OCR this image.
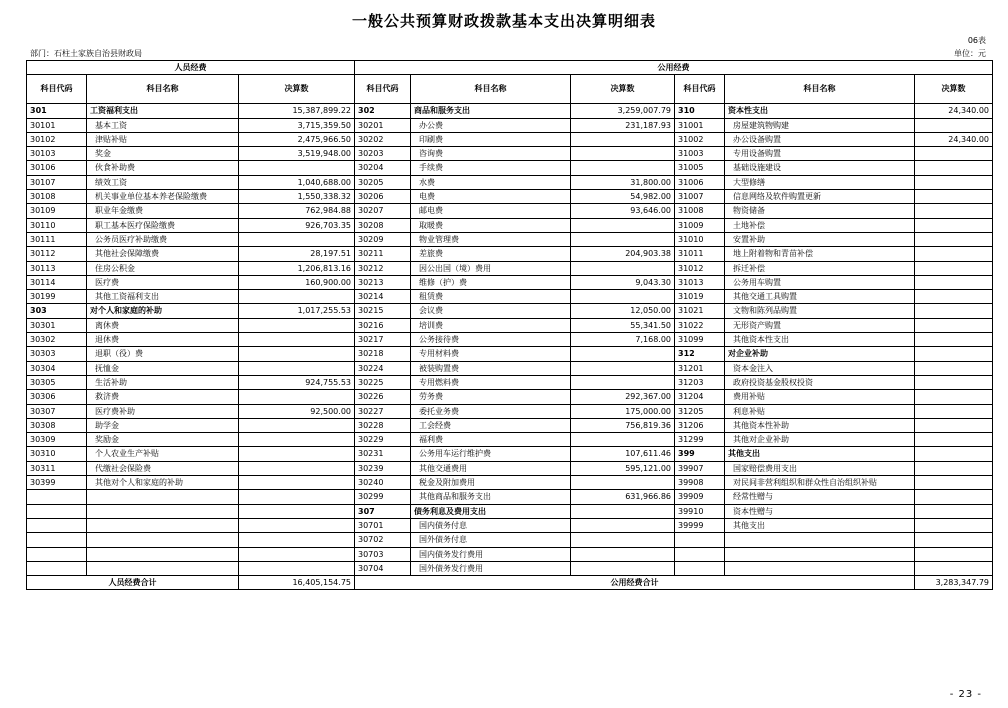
一般公共预算财政拨款基本支出决算明细表
06表
部门：石柱土家族自治县财政局	单位：元
人员经费			公用经费					
科目代码	科目名称	决算数	科目代码	科目名称	决算数	科目代码	科目名称	决算数
301	工资福利支出	15,387,899.22	302	商品和服务支出	3,259,007.79	310	资本性支出	24,340.00
30101	基本工资	3,715,359.50	30201	办公费	231,187.93	31001	房屋建筑物购建	
30102	津贴补贴	2,475,966.50	30202	印刷费		31002	办公设备购置	24,340.00
30103	奖金	3,519,948.00	30203	咨询费		31003	专用设备购置	
30106	伙食补助费		30204	手续费		31005	基础设施建设	
30107	绩效工资	1,040,688.00	30205	水费	31,800.00	31006	大型修缮	
30108	机关事业单位基本养老保险缴费	1,550,338.32	30206	电费	54,982.00	31007	信息网络及软件购置更新	
30109	职业年金缴费	762,984.88	30207	邮电费	93,646.00	31008	物资储备	
30110	职工基本医疗保险缴费	926,703.35	30208	取暖费		31009	土地补偿	
30111	公务员医疗补助缴费		30209	物业管理费		31010	安置补助	
30112	其他社会保障缴费	28,197.51	30211	差旅费	204,903.38	31011	地上附着物和青苗补偿	
30113	住房公积金	1,206,813.16	30212	因公出国（境）费用		31012	拆迁补偿	
30114	医疗费	160,900.00	30213	维修（护）费	9,043.30	31013	公务用车购置	
30199	其他工资福利支出		30214	租赁费		31019	其他交通工具购置	
303	对个人和家庭的补助	1,017,255.53	30215	会议费	12,050.00	31021	文物和陈列品购置	
30301	离休费		30216	培训费	55,341.50	31022	无形资产购置	
30302	退休费		30217	公务接待费	7,168.00	31099	其他资本性支出	
30303	退职（役）费		30218	专用材料费		312	对企业补助	
30304	抚恤金		30224	被装购置费		31201	资本金注入	
30305	生活补助	924,755.53	30225	专用燃料费		31203	政府投资基金股权投资	
30306	救济费		30226	劳务费	292,367.00	31204	费用补贴	
30307	医疗费补助	92,500.00	30227	委托业务费	175,000.00	31205	利息补贴	
30308	助学金		30228	工会经费	756,819.36	31206	其他资本性补助	
30309	奖励金		30229	福利费		31299	其他对企业补助	
30310	个人农业生产补贴		30231	公务用车运行维护费	107,611.46	399	其他支出	
30311	代缴社会保险费		30239	其他交通费用	595,121.00	39907	国家赔偿费用支出	
30399	其他对个人和家庭的补助		30240	税金及附加费用		39908	对民间非营利组织和群众性自治组织补贴	
			30299	其他商品和服务支出	631,966.86	39909	经常性赠与	
			307	债务利息及费用支出		39910	资本性赠与	
			30701	国内债务付息		39999	其他支出	
			30702	国外债务付息				
			30703	国内债务发行费用				
			30704	国外债务发行费用				
人员经费合计		16,405,154.75	公用经费合计					3,283,347.79
- 23 -
